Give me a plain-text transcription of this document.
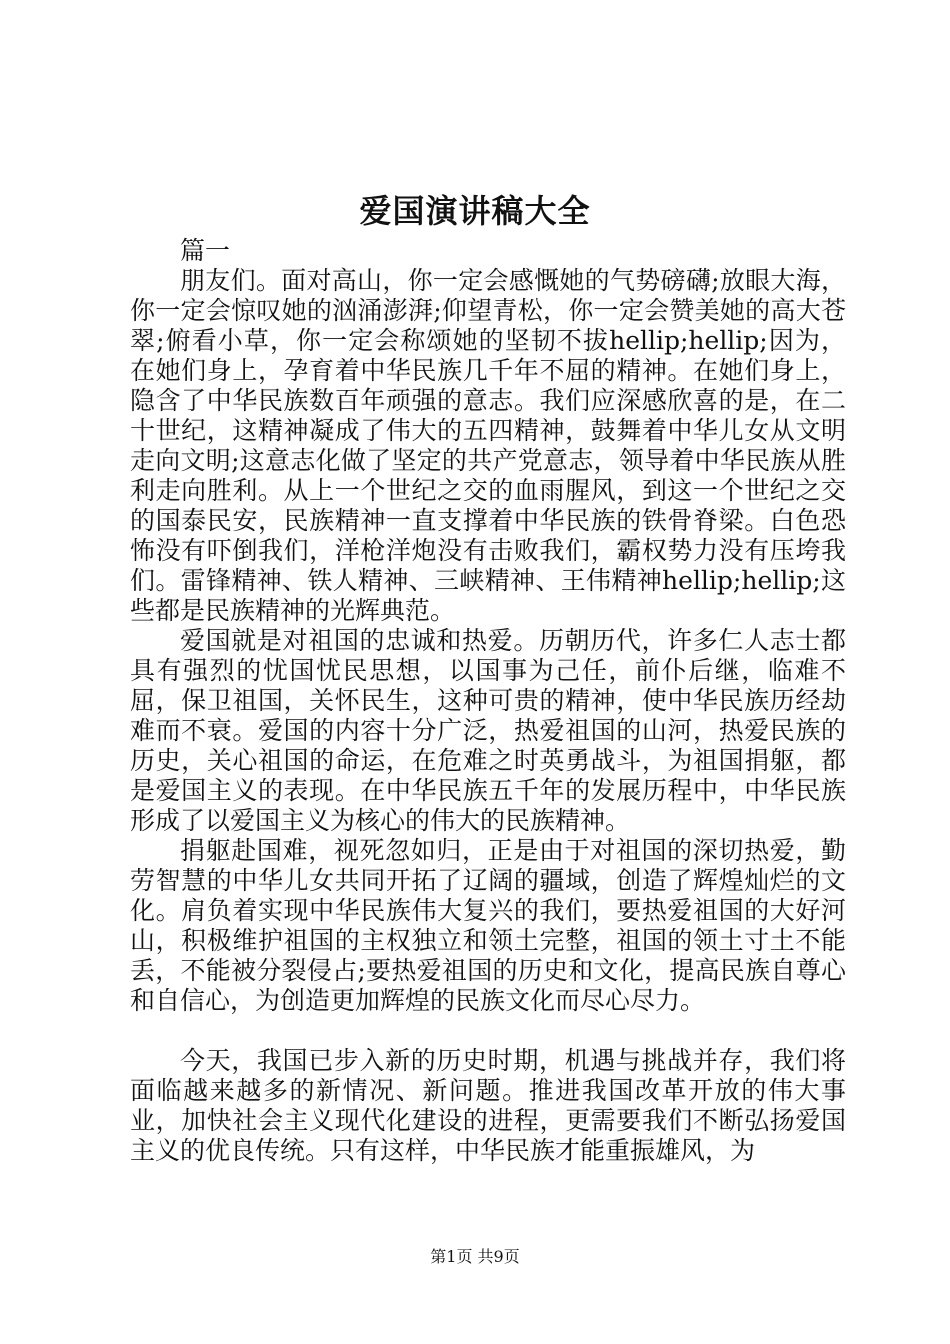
爱国演讲稿大全

篇一

朋友们。面对高山，你一定会感慨她的气势磅礴;放眼大海，你一定会惊叹她的汹涌澎湃;仰望青松，你一定会赞美她的高大苍翠;俯看小草，你一定会称颂她的坚韧不拔hellip;hellip;因为，在她们身上，孕育着中华民族几千年不屈的精神。在她们身上，隐含了中华民族数百年顽强的意志。我们应深感欣喜的是，在二十世纪，这精神凝成了伟大的五四精神，鼓舞着中华儿女从文明走向文明;这意志化做了坚定的共产党意志，领导着中华民族从胜利走向胜利。从上一个世纪之交的血雨腥风，到这一个世纪之交的国泰民安，民族精神一直支撑着中华民族的铁骨脊梁。白色恐怖没有吓倒我们，洋枪洋炮没有击败我们，霸权势力没有压垮我们。雷锋精神、铁人精神、三峡精神、王伟精神hellip;hellip;这些都是民族精神的光辉典范。

爱国就是对祖国的忠诚和热爱。历朝历代，许多仁人志士都具有强烈的忧国忧民思想，以国事为己任，前仆后继，临难不屈，保卫祖国，关怀民生，这种可贵的精神，使中华民族历经劫难而不衰。爱国的内容十分广泛，热爱祖国的山河，热爱民族的历史，关心祖国的命运，在危难之时英勇战斗，为祖国捐躯，都是爱国主义的表现。在中华民族五千年的发展历程中，中华民族形成了以爱国主义为核心的伟大的民族精神。

捐躯赴国难，视死忽如归，正是由于对祖国的深切热爱，勤劳智慧的中华儿女共同开拓了辽阔的疆域，创造了辉煌灿烂的文化。肩负着实现中华民族伟大复兴的我们，要热爱祖国的大好河山，积极维护祖国的主权独立和领土完整，祖国的领土寸土不能丢，不能被分裂侵占;要热爱祖国的历史和文化，提高民族自尊心和自信心，为创造更加辉煌的民族文化而尽心尽力。

今天，我国已步入新的历史时期，机遇与挑战并存，我们将面临越来越多的新情况、新问题。推进我国改革开放的伟大事业，加快社会主义现代化建设的进程，更需要我们不断弘扬爱国主义的优良传统。只有这样，中华民族才能重振雄风，为

第1页 共9页
